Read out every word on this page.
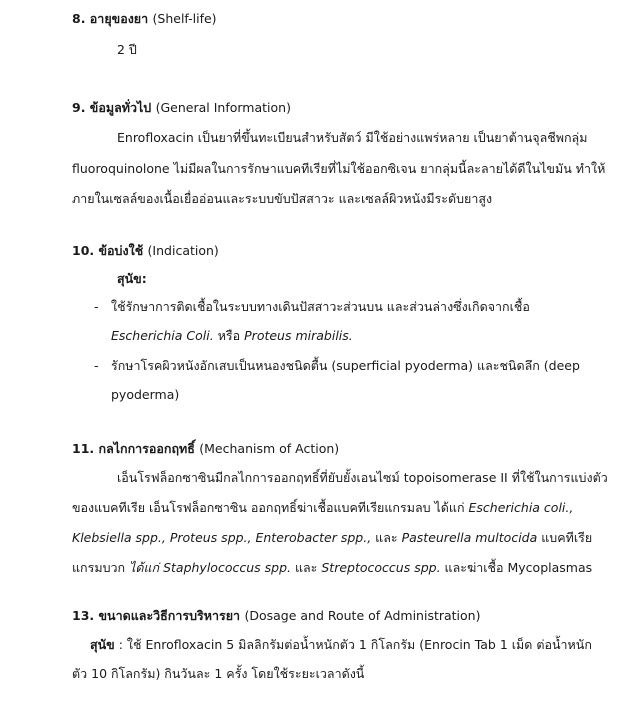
8. อายุของยา (Shelf-life)
2 ปี
9. ข้อมูลทั่วไป (General Information)
Enrofloxacin เป็นยาที่ขึ้นทะเบียนสำหรับสัตว์ มีใช้อย่างแพร่หลาย เป็นยาต้านจุลชีพกลุ่ม
fluoroquinolone ไม่มีผลในการรักษาแบคทีเรียที่ไม่ใช้ออกซิเจน ยากลุ่มนี้ละลายได้ดีในไขมัน ทำให้
ภายในเซลล์ของเนื้อเยื่ออ่อนและระบบขับปัสสาวะ และเซลล์ผิวหนังมีระดับยาสูง
10. ข้อบ่งใช้ (Indication)
สุนัข:
- ใช้รักษาการติดเชื้อในระบบทางเดินปัสสาวะส่วนบน และส่วนล่างซึ่งเกิดจากเชื้อ
Escherichia Coli. หรือ Proteus mirabilis.
- รักษาโรคผิวหนังอักเสบเป็นหนองชนิดตื้น (superficial pyoderma) และชนิดลึก (deep
pyoderma)
11. กลไกการออกฤทธิ์ (Mechanism of Action)
เอ็นโรฟล็อกซาซินมีกลไกการออกฤทธิ์ที่ยับยั้งเอนไซม์ topoisomerase II ที่ใช้ในการแบ่งตัว
ของแบคทีเรีย เอ็นโรฟล็อกซาซิน ออกฤทธิ์ฆ่าเชื้อแบคทีเรียแกรมลบ ได้แก่ Escherichia coli.,
Klebsiella spp., Proteus spp., Enterobacter spp., และ Pasteurella multocida แบคทีเรีย
แกรมบวก ได้แก่ Staphylococcus spp. และ Streptococcus spp. และฆ่าเชื้อ Mycoplasmas
13. ขนาดและวิธีการบริหารยา (Dosage and Route of Administration)
สุนัข : ใช้ Enrofloxacin 5 มิลลิกรัมต่อน้ำหนักตัว 1 กิโลกรัม (Enrocin Tab 1 เม็ด ต่อน้ำหนัก
ตัว 10 กิโลกรัม) กินวันละ 1 ครั้ง โดยใช้ระยะเวลาดังนี้
